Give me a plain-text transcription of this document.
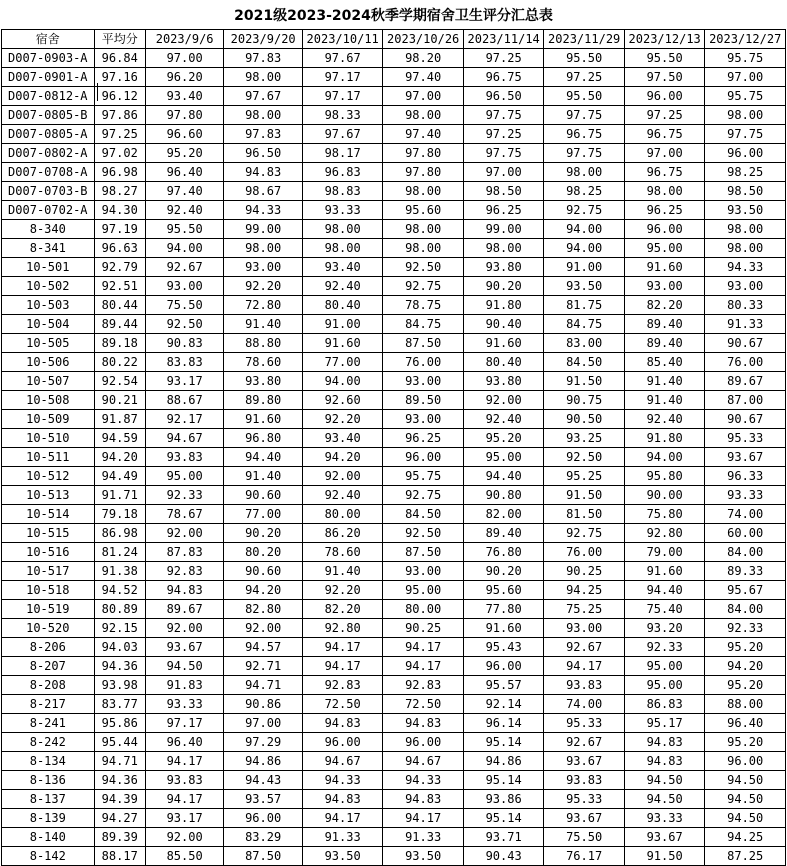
2021级2023-2024秋季学期宿舍卫生评分汇总表
宿舍	平均分	2023/9/6	2023/9/20	2023/10/11	2023/10/26	2023/11/14	2023/11/29	2023/12/13	2023/12/27
D007-0903-A	96.84	97.00	97.83	97.67	98.20	97.25	95.50	95.50	95.75
D007-0901-A	97.16	96.20	98.00	97.17	97.40	96.75	97.25	97.50	97.00
D007-0812-A	96.12	93.40	97.67	97.17	97.00	96.50	95.50	96.00	95.75
D007-0805-B	97.86	97.80	98.00	98.33	98.00	97.75	97.75	97.25	98.00
D007-0805-A	97.25	96.60	97.83	97.67	97.40	97.25	96.75	96.75	97.75
D007-0802-A	97.02	95.20	96.50	98.17	97.80	97.75	97.75	97.00	96.00
D007-0708-A	96.98	96.40	94.83	96.83	97.80	97.00	98.00	96.75	98.25
D007-0703-B	98.27	97.40	98.67	98.83	98.00	98.50	98.25	98.00	98.50
D007-0702-A	94.30	92.40	94.33	93.33	95.60	96.25	92.75	96.25	93.50
8-340	97.19	95.50	99.00	98.00	98.00	99.00	94.00	96.00	98.00
8-341	96.63	94.00	98.00	98.00	98.00	98.00	94.00	95.00	98.00
10-501	92.79	92.67	93.00	93.40	92.50	93.80	91.00	91.60	94.33
10-502	92.51	93.00	92.20	92.40	92.75	90.20	93.50	93.00	93.00
10-503	80.44	75.50	72.80	80.40	78.75	91.80	81.75	82.20	80.33
10-504	89.44	92.50	91.40	91.00	84.75	90.40	84.75	89.40	91.33
10-505	89.18	90.83	88.80	91.60	87.50	91.60	83.00	89.40	90.67
10-506	80.22	83.83	78.60	77.00	76.00	80.40	84.50	85.40	76.00
10-507	92.54	93.17	93.80	94.00	93.00	93.80	91.50	91.40	89.67
10-508	90.21	88.67	89.80	92.60	89.50	92.00	90.75	91.40	87.00
10-509	91.87	92.17	91.60	92.20	93.00	92.40	90.50	92.40	90.67
10-510	94.59	94.67	96.80	93.40	96.25	95.20	93.25	91.80	95.33
10-511	94.20	93.83	94.40	94.20	96.00	95.00	92.50	94.00	93.67
10-512	94.49	95.00	91.40	92.00	95.75	94.40	95.25	95.80	96.33
10-513	91.71	92.33	90.60	92.40	92.75	90.80	91.50	90.00	93.33
10-514	79.18	78.67	77.00	80.00	84.50	82.00	81.50	75.80	74.00
10-515	86.98	92.00	90.20	86.20	92.50	89.40	92.75	92.80	60.00
10-516	81.24	87.83	80.20	78.60	87.50	76.80	76.00	79.00	84.00
10-517	91.38	92.83	90.60	91.40	93.00	90.20	90.25	91.60	89.33
10-518	94.52	94.83	94.20	92.20	95.00	95.60	94.25	94.40	95.67
10-519	80.89	89.67	82.80	82.20	80.00	77.80	75.25	75.40	84.00
10-520	92.15	92.00	92.00	92.80	90.25	91.60	93.00	93.20	92.33
8-206	94.03	93.67	94.57	94.17	94.17	95.43	92.67	92.33	95.20
8-207	94.36	94.50	92.71	94.17	94.17	96.00	94.17	95.00	94.20
8-208	93.98	91.83	94.71	92.83	92.83	95.57	93.83	95.00	95.20
8-217	83.77	93.33	90.86	72.50	72.50	92.14	74.00	86.83	88.00
8-241	95.86	97.17	97.00	94.83	94.83	96.14	95.33	95.17	96.40
8-242	95.44	96.40	97.29	96.00	96.00	95.14	92.67	94.83	95.20
8-134	94.71	94.17	94.86	94.67	94.67	94.86	93.67	94.83	96.00
8-136	94.36	93.83	94.43	94.33	94.33	95.14	93.83	94.50	94.50
8-137	94.39	94.17	93.57	94.83	94.83	93.86	95.33	94.50	94.50
8-139	94.27	93.17	96.00	94.17	94.17	95.14	93.67	93.33	94.50
8-140	89.39	92.00	83.29	91.33	91.33	93.71	75.50	93.67	94.25
8-142	88.17	85.50	87.50	93.50	93.50	90.43	76.17	91.50	87.25
